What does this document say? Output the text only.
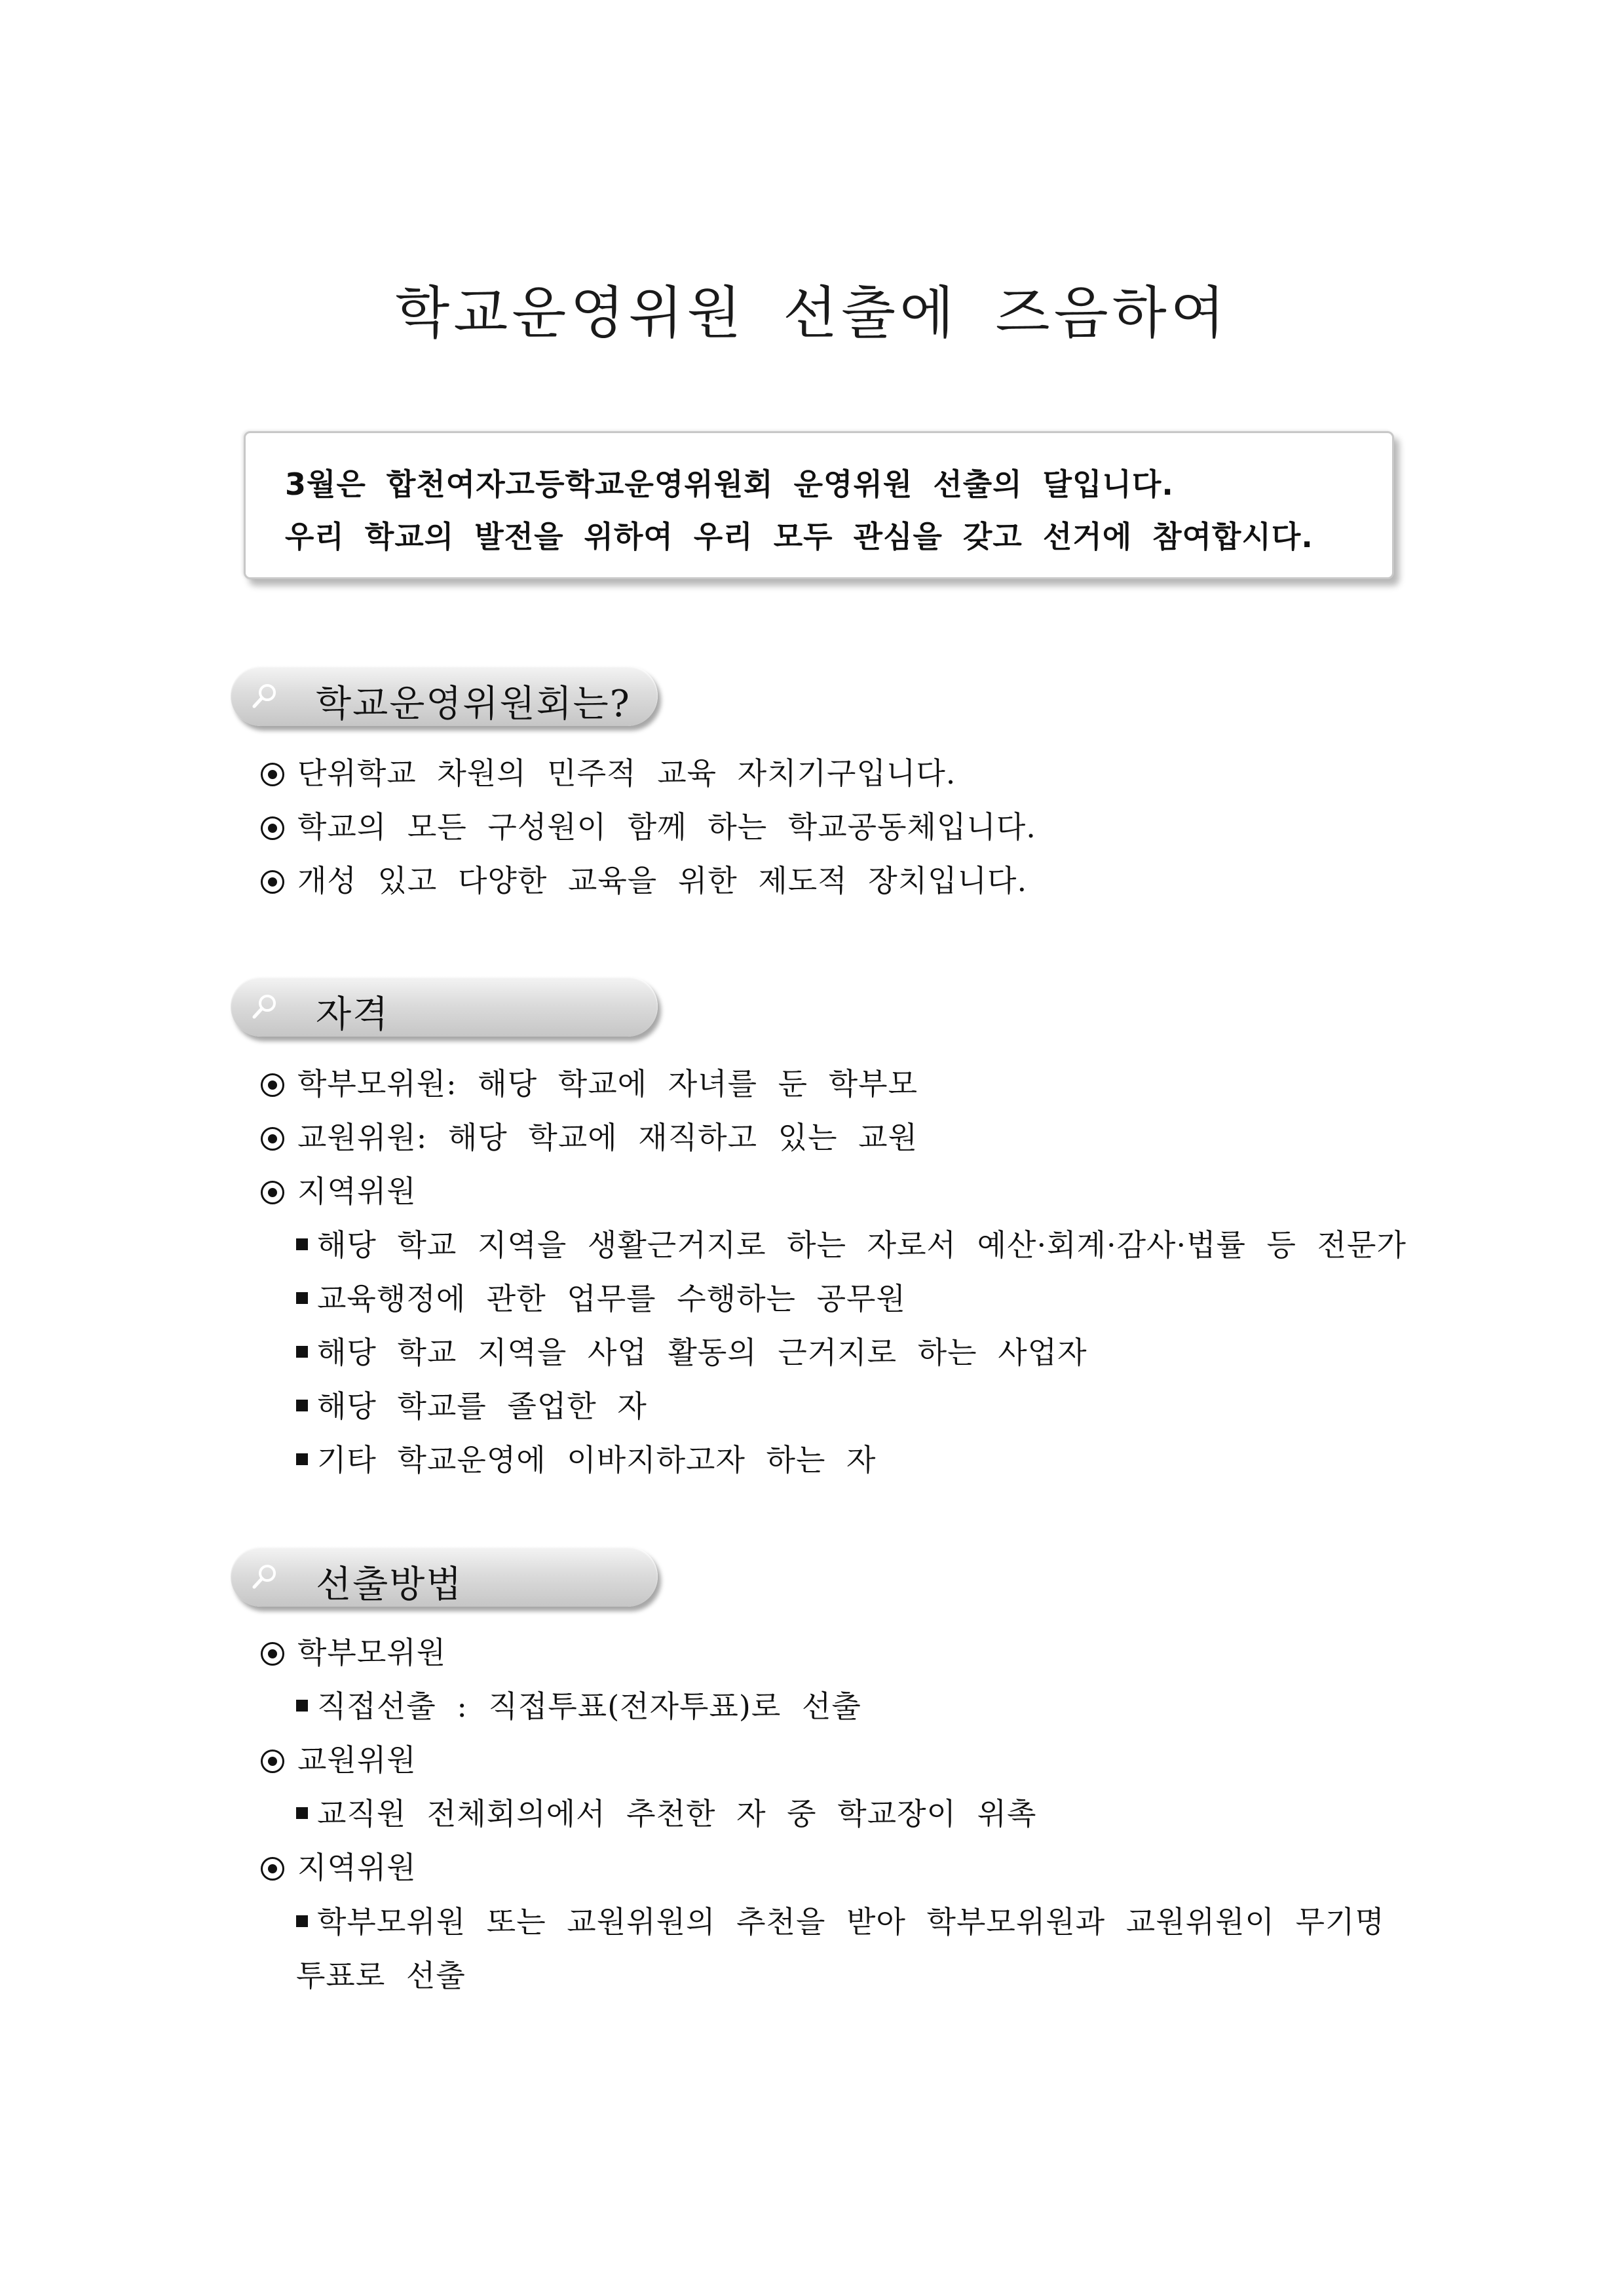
학교운영위원 선출에 즈음하여
3월은 합천여자고등학교운영위원회 운영위원 선출의 달입니다.
우리 학교의 발전을 위하여 우리 모두 관심을 갖고 선거에 참여합시다.
학교운영위원회는?
단위학교 차원의 민주적 교육 자치기구입니다.
학교의 모든 구성원이 함께 하는 학교공동체입니다.
개성 있고 다양한 교육을 위한 제도적 장치입니다.
자격
학부모위원: 해당 학교에 자녀를 둔 학부모
교원위원: 해당 학교에 재직하고 있는 교원
지역위원
해당 학교 지역을 생활근거지로 하는 자로서 예산·회계·감사·법률 등 전문가
교육행정에 관한 업무를 수행하는 공무원
해당 학교 지역을 사업 활동의 근거지로 하는 사업자
해당 학교를 졸업한 자
기타 학교운영에 이바지하고자 하는 자
선출방법
학부모위원
직접선출 : 직접투표(전자투표)로 선출
교원위원
교직원 전체회의에서 추천한 자 중 학교장이 위촉
지역위원
학부모위원 또는 교원위원의 추천을 받아 학부모위원과 교원위원이 무기명투표로 선출
